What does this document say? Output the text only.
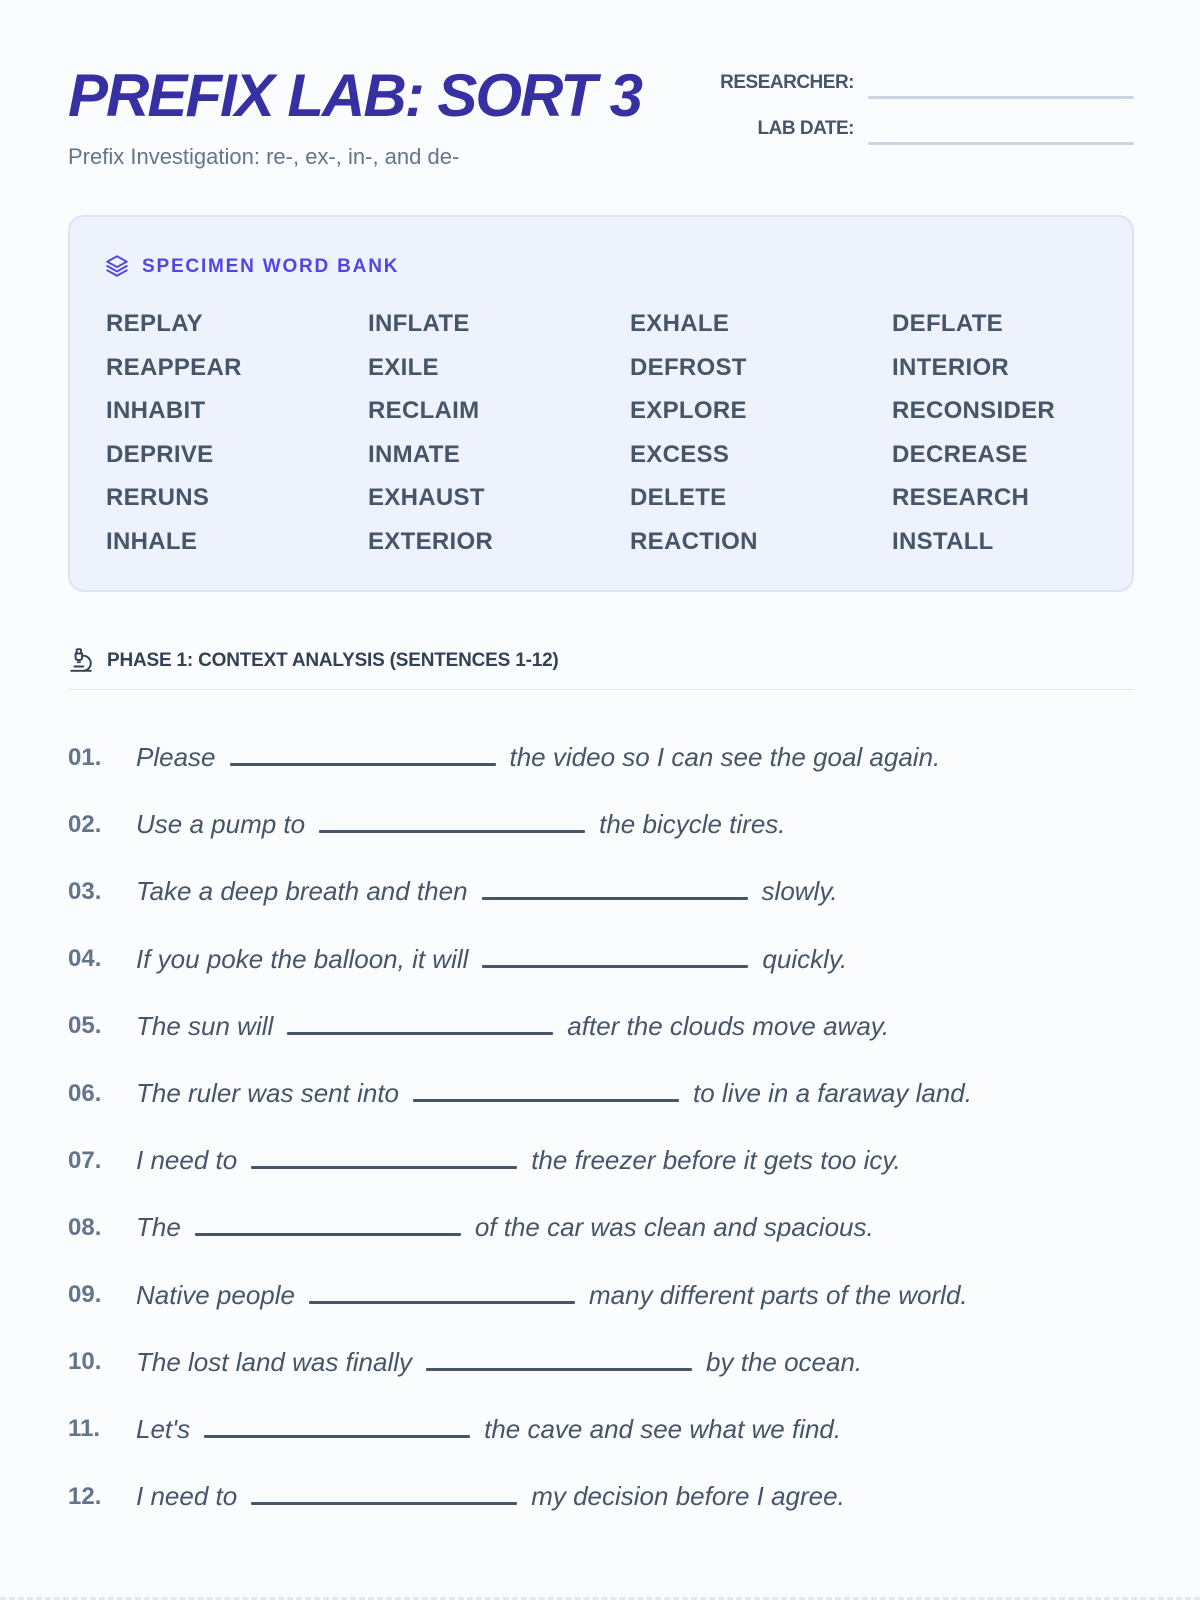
PREFIX LAB: SORT 3
Prefix Investigation: re-, ex-, in-, and de-
RESEARCHER:
LAB DATE:
SPECIMEN WORD BANK
REPLAY	INFLATE	EXHALE	DEFLATE
REAPPEAR	EXILE	DEFROST	INTERIOR
INHABIT	RECLAIM	EXPLORE	RECONSIDER
DEPRIVE	INMATE	EXCESS	DECREASE
RERUNS	EXHAUST	DELETE	RESEARCH
INHALE	EXTERIOR	REACTION	INSTALL
PHASE 1: CONTEXT ANALYSIS (SENTENCES 1-12)
01.	Please	the video so I can see the goal again.
02.	Use a pump to	the bicycle tires.
03.	Take a deep breath and then	slowly.
04.	If you poke the balloon, it will	quickly.
05.	The sun will	after the clouds move away.
06.	The ruler was sent into	to live in a faraway land.
07.	I need to	the freezer before it gets too icy.
08.	The	of the car was clean and spacious.
09.	Native people	many different parts of the world.
10.	The lost land was finally	by the ocean.
11.	Let's	the cave and see what we find.
12.	I need to	my decision before I agree.
